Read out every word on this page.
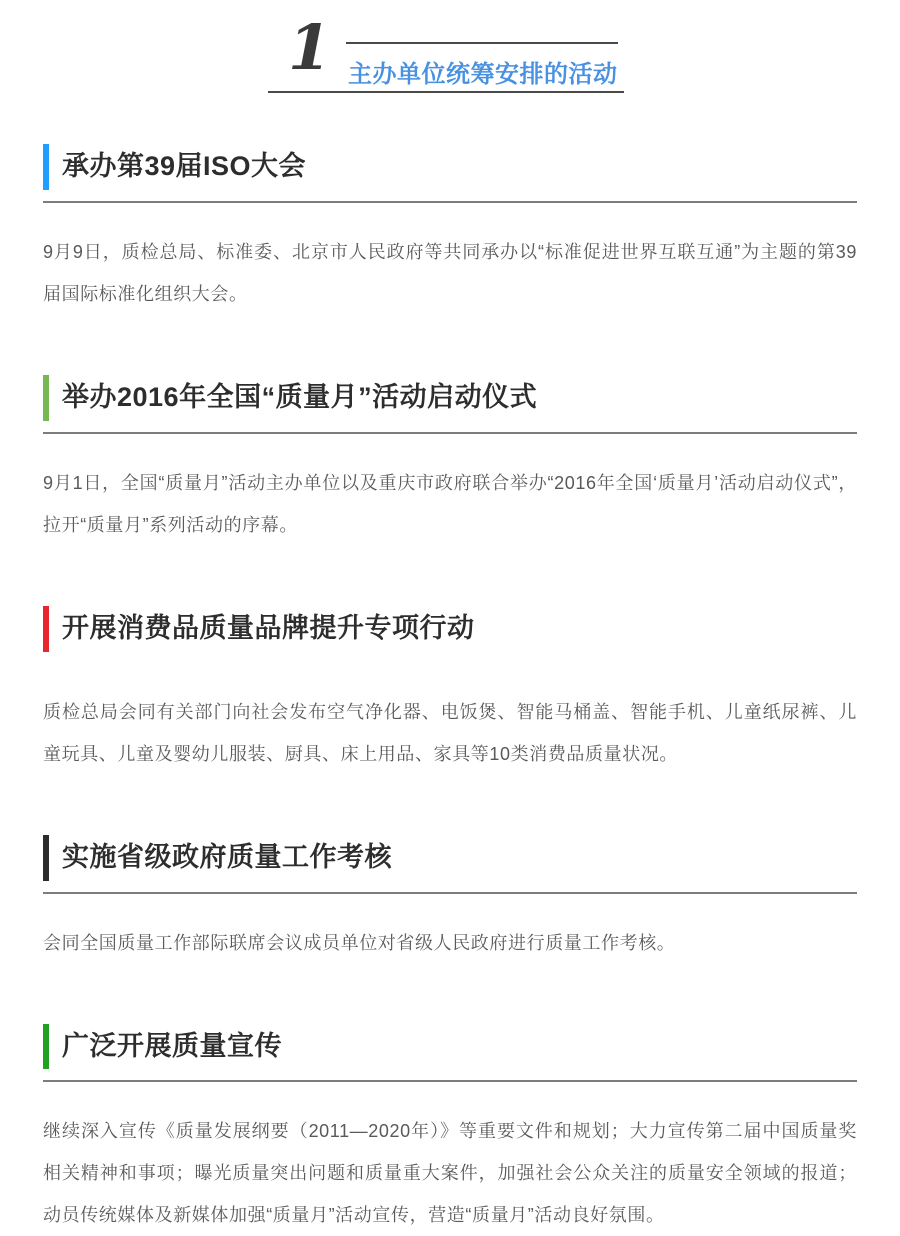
1 主办单位统筹安排的活动
承办第39届ISO大会

9月9日，质检总局、标准委、北京市人民政府等共同承办以“标准促进世界互联互通”为主题的第39届国际标准化组织大会。

举办2016年全国“质量月”活动启动仪式

9月1日，全国“质量月”活动主办单位以及重庆市政府联合举办“2016年全国‘质量月’活动启动仪式”，拉开“质量月”系列活动的序幕。

开展消费品质量品牌提升专项行动

质检总局会同有关部门向社会发布空气净化器、电饭煲、智能马桶盖、智能手机、儿童纸尿裤、儿童玩具、儿童及婴幼儿服装、厨具、床上用品、家具等10类消费品质量状况。

实施省级政府质量工作考核

会同全国质量工作部际联席会议成员单位对省级人民政府进行质量工作考核。

广泛开展质量宣传

继续深入宣传《质量发展纲要（2011—2020年）》等重要文件和规划；大力宣传第二届中国质量奖相关精神和事项；曝光质量突出问题和质量重大案件，加强社会公众关注的质量安全领域的报道；动员传统媒体及新媒体加强“质量月”活动宣传，营造“质量月”活动良好氛围。
